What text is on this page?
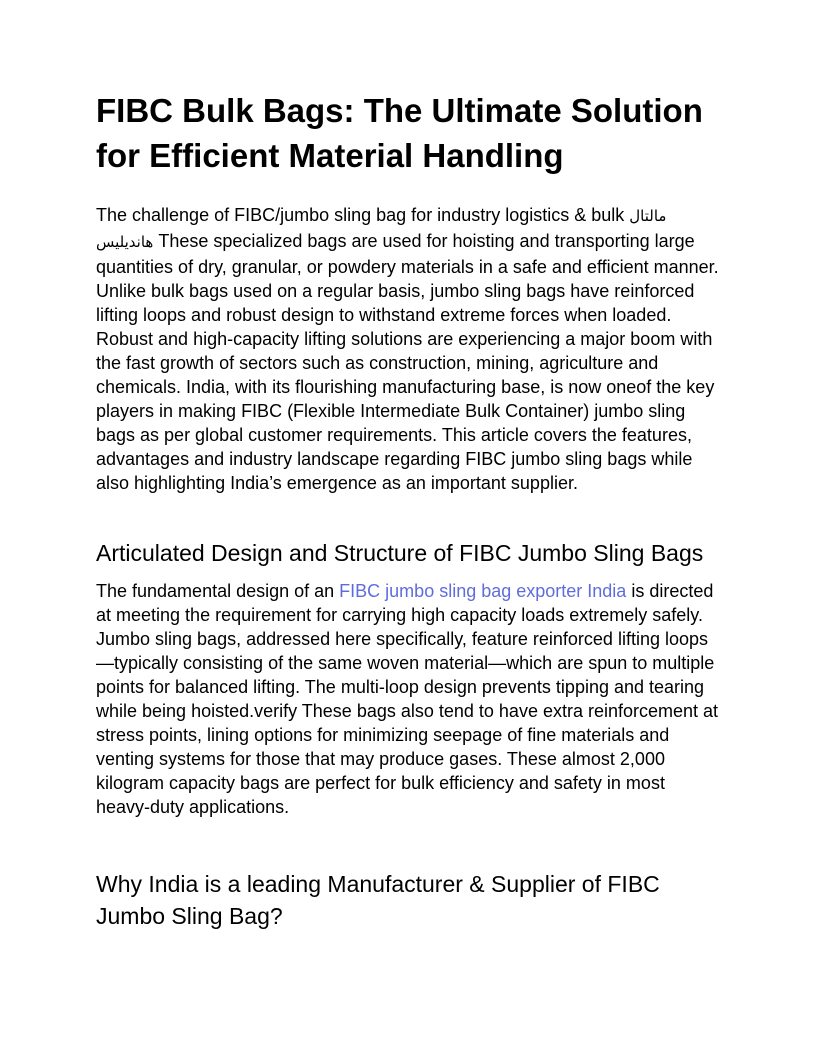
FIBC Bulk Bags: The Ultimate Solution for Efficient Material Handling

The challenge of FIBC/jumbo sling bag for industry logistics & bulk مالتال هانديليس These specialized bags are used for hoisting and transporting large quantities of dry, granular, or powdery materials in a safe and efficient manner. Unlike bulk bags used on a regular basis, jumbo sling bags have reinforced lifting loops and robust design to withstand extreme forces when loaded. Robust and high-capacity lifting solutions are experiencing a major boom with the fast growth of sectors such as construction, mining, agriculture and chemicals. India, with its flourishing manufacturing base, is now oneof the key players in making FIBC (Flexible Intermediate Bulk Container) jumbo sling bags as per global customer requirements. This article covers the features, advantages and industry landscape regarding FIBC jumbo sling bags while also highlighting India’s emergence as an important supplier.

Articulated Design and Structure of FIBC Jumbo Sling Bags

The fundamental design of an FIBC jumbo sling bag exporter India is directed at meeting the requirement for carrying high capacity loads extremely safely. Jumbo sling bags, addressed here specifically, feature reinforced lifting loops—typically consisting of the same woven material—which are spun to multiple points for balanced lifting. The multi-loop design prevents tipping and tearing while being hoisted.verify These bags also tend to have extra reinforcement at stress points, lining options for minimizing seepage of fine materials and venting systems for those that may produce gases. These almost 2,000 kilogram capacity bags are perfect for bulk efficiency and safety in most heavy-duty applications.

Why India is a leading Manufacturer & Supplier of FIBC Jumbo Sling Bag?
